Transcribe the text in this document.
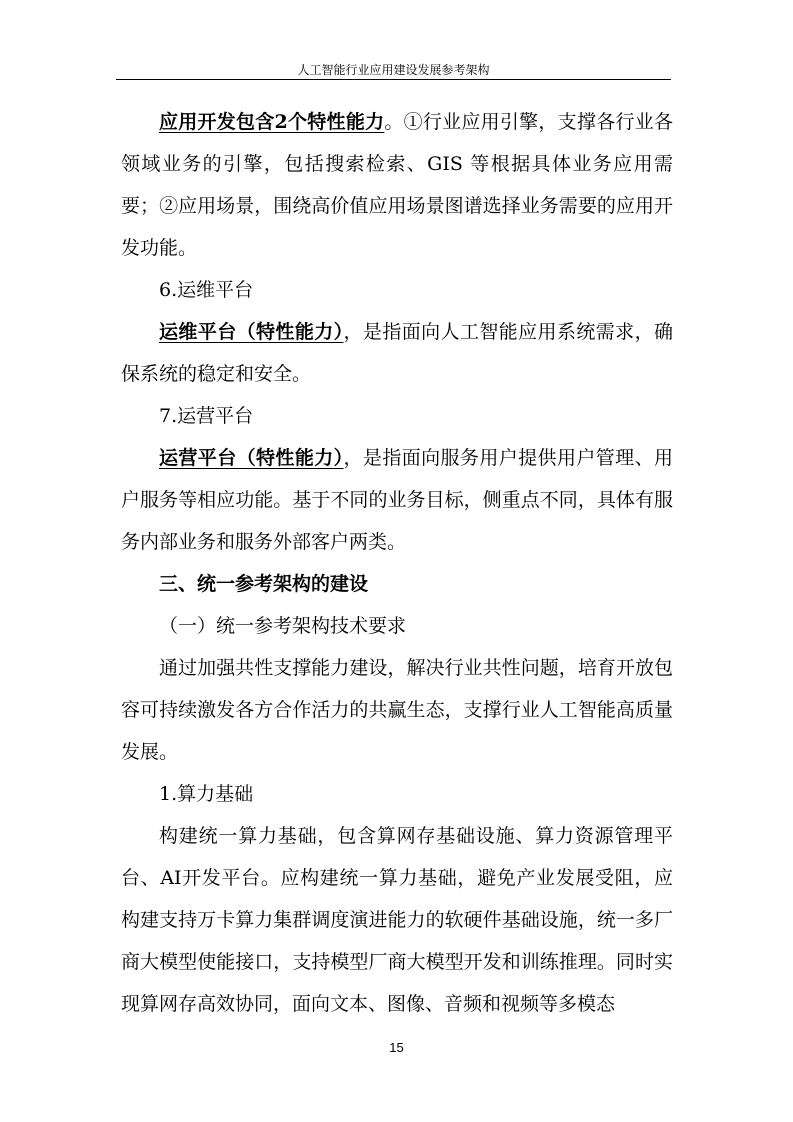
人工智能行业应用建设发展参考架构

应用开发包含2个特性能力。①行业应用引擎，支撑各行业各领域业务的引擎，包括搜索检索、GIS 等根据具体业务应用需要；②应用场景，围绕高价值应用场景图谱选择业务需要的应用开发功能。

6.运维平台

运维平台（特性能力），是指面向人工智能应用系统需求，确保系统的稳定和安全。

7.运营平台

运营平台（特性能力），是指面向服务用户提供用户管理、用户服务等相应功能。基于不同的业务目标，侧重点不同，具体有服务内部业务和服务外部客户两类。

三、统一参考架构的建设

（一）统一参考架构技术要求

通过加强共性支撑能力建设，解决行业共性问题，培育开放包容可持续激发各方合作活力的共赢生态，支撑行业人工智能高质量发展。

1.算力基础

构建统一算力基础，包含算网存基础设施、算力资源管理平台、AI开发平台。应构建统一算力基础，避免产业发展受阻，应构建支持万卡算力集群调度演进能力的软硬件基础设施，统一多厂商大模型使能接口，支持模型厂商大模型开发和训练推理。同时实现算网存高效协同，面向文本、图像、音频和视频等多模态

15
